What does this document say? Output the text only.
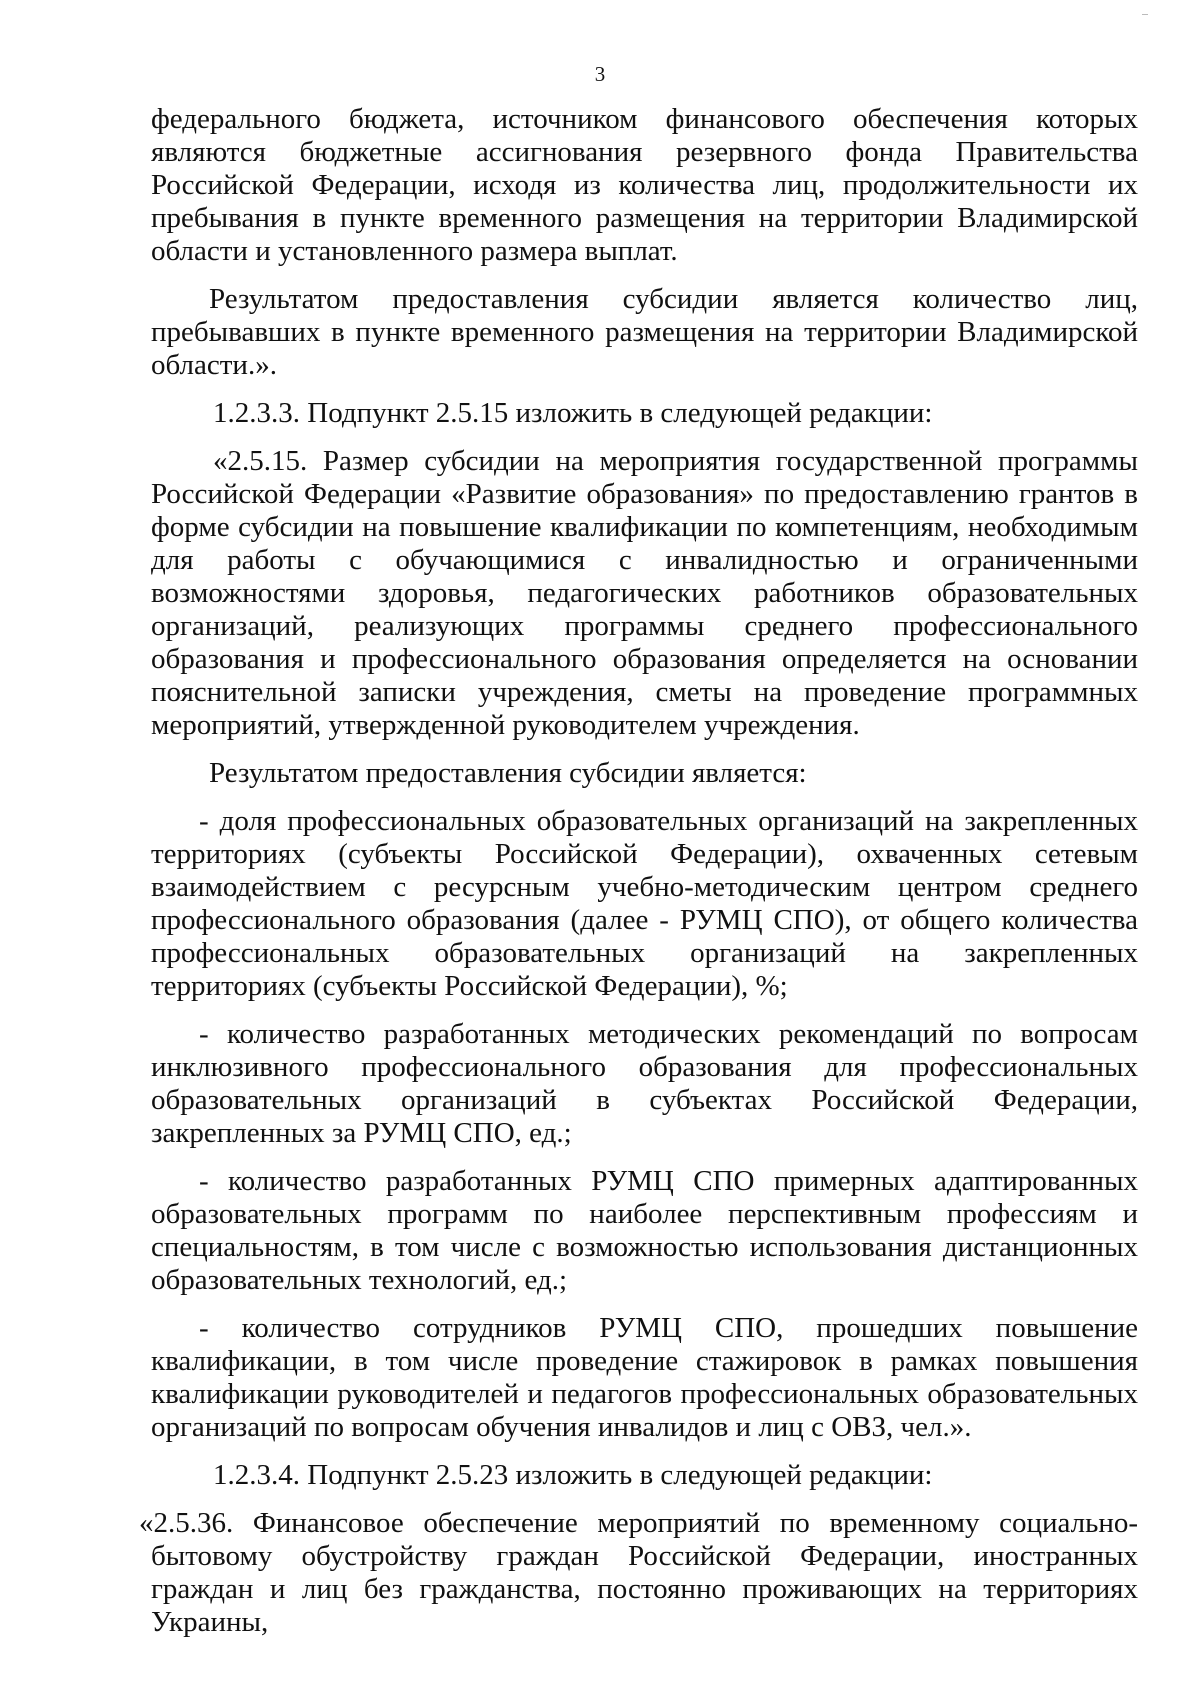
3

федерального бюджета, источником финансового обеспечения которых являются бюджетные ассигнования резервного фонда Правительства Российской Федерации, исходя из количества лиц, продолжительности их пребывания в пункте временного размещения на территории Владимирской области и установленного размера выплат.

Результатом предоставления субсидии является количество лиц, пребывавших в пункте временного размещения на территории Владимирской области.».

1.2.3.3. Подпункт 2.5.15 изложить в следующей редакции:

«2.5.15. Размер субсидии на мероприятия государственной программы Российской Федерации «Развитие образования» по предоставлению грантов в форме субсидии на повышение квалификации по компетенциям, необходимым для работы с обучающимися с инвалидностью и ограниченными возможностями здоровья, педагогических работников образовательных организаций, реализующих программы среднего профессионального образования и профессионального образования определяется на основании пояснительной записки учреждения, сметы на проведение программных мероприятий, утвержденной руководителем учреждения.

Результатом предоставления субсидии является:

- доля профессиональных образовательных организаций на закрепленных территориях (субъекты Российской Федерации), охваченных сетевым взаимодействием с ресурсным учебно-методическим центром среднего профессионального образования (далее - РУМЦ СПО), от общего количества профессиональных образовательных организаций на закрепленных территориях (субъекты Российской Федерации), %;

- количество разработанных методических рекомендаций по вопросам инклюзивного профессионального образования для профессиональных образовательных организаций в субъектах Российской Федерации, закрепленных за РУМЦ СПО, ед.;

- количество разработанных РУМЦ СПО примерных адаптированных образовательных программ по наиболее перспективным профессиям и специальностям, в том числе с возможностью использования дистанционных образовательных технологий, ед.;

- количество сотрудников РУМЦ СПО, прошедших повышение квалификации, в том числе проведение стажировок в рамках повышения квалификации руководителей и педагогов профессиональных образовательных организаций по вопросам обучения инвалидов и лиц с ОВЗ, чел.».

1.2.3.4. Подпункт 2.5.23 изложить в следующей редакции:

«2.5.36. Финансовое обеспечение мероприятий по временному социально-бытовому обустройству граждан Российской Федерации, иностранных граждан и лиц без гражданства, постоянно проживающих на территориях Украины,
